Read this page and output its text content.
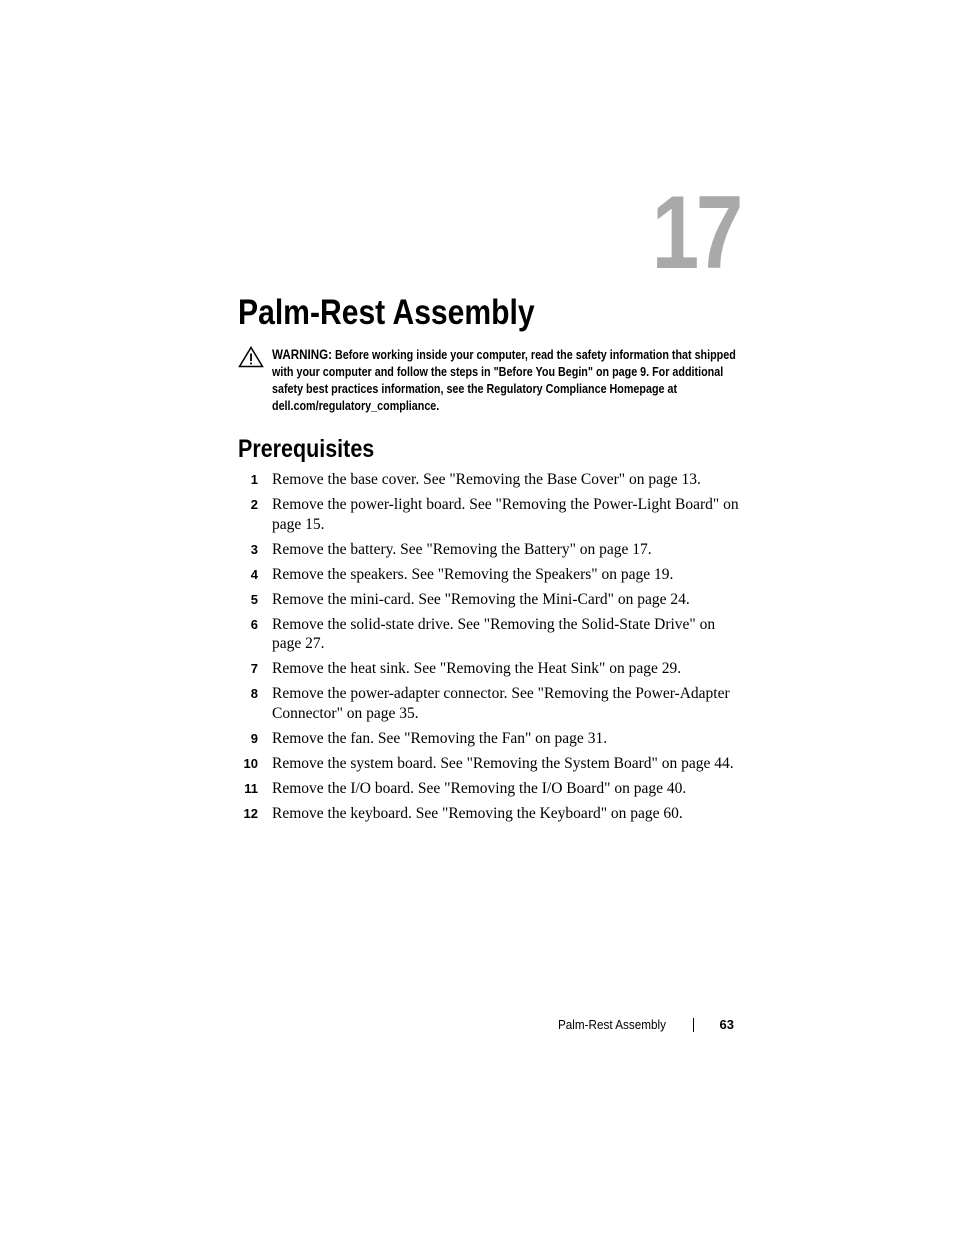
17
Palm-Rest Assembly
WARNING: Before working inside your computer, read the safety information that shipped with your computer and follow the steps in "Before You Begin" on page 9. For additional safety best practices information, see the Regulatory Compliance Homepage at dell.com/regulatory_compliance.
Prerequisites
1 Remove the base cover. See "Removing the Base Cover" on page 13.
2 Remove the power-light board. See "Removing the Power-Light Board" on page 15.
3 Remove the battery. See "Removing the Battery" on page 17.
4 Remove the speakers. See "Removing the Speakers" on page 19.
5 Remove the mini-card. See "Removing the Mini-Card" on page 24.
6 Remove the solid-state drive. See "Removing the Solid-State Drive" on page 27.
7 Remove the heat sink. See "Removing the Heat Sink" on page 29.
8 Remove the power-adapter connector. See "Removing the Power-Adapter Connector" on page 35.
9 Remove the fan. See "Removing the Fan" on page 31.
10 Remove the system board. See "Removing the System Board" on page 44.
11 Remove the I/O board. See "Removing the I/O Board" on page 40.
12 Remove the keyboard. See "Removing the Keyboard" on page 60.
Palm-Rest Assembly	63
